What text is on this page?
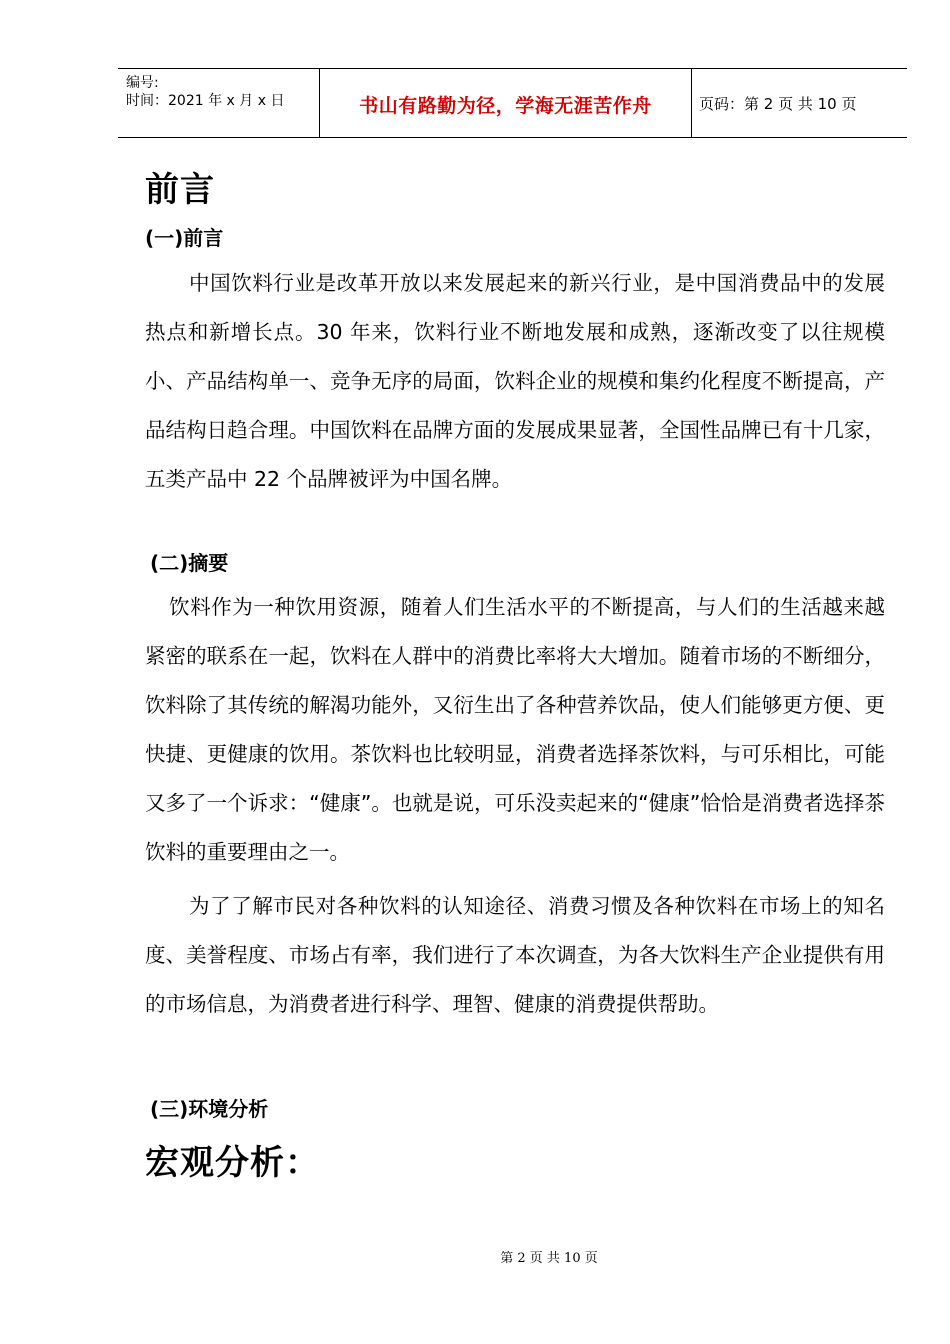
编号:
时间：2021 年 x 月 x 日	书山有路勤为径，学海无涯苦作舟	页码：第 2 页 共 10 页
前言
(一)前言

中国饮料行业是改革开放以来发展起来的新兴行业，是中国消费品中的发展热点和新增长点。30 年来，饮料行业不断地发展和成熟，逐渐改变了以往规模小、产品结构单一、竞争无序的局面，饮料企业的规模和集约化程度不断提高，产品结构日趋合理。中国饮料在品牌方面的发展成果显著，全国性品牌已有十几家，五类产品中 22 个品牌被评为中国名牌。

(二)摘要

饮料作为一种饮用资源，随着人们生活水平的不断提高，与人们的生活越来越紧密的联系在一起，饮料在人群中的消费比率将大大增加。随着市场的不断细分，饮料除了其传统的解渴功能外，又衍生出了各种营养饮品，使人们能够更方便、更快捷、更健康的饮用。茶饮料也比较明显，消费者选择茶饮料，与可乐相比，可能又多了一个诉求：“健康”。也就是说，可乐没卖起来的“健康”恰恰是消费者选择茶饮料的重要理由之一。

为了了解市民对各种饮料的认知途径、消费习惯及各种饮料在市场上的知名度、美誉程度、市场占有率，我们进行了本次调查，为各大饮料生产企业提供有用的市场信息，为消费者进行科学、理智、健康的消费提供帮助。

(三)环境分析
宏观分析：
第 2 页 共 10 页
